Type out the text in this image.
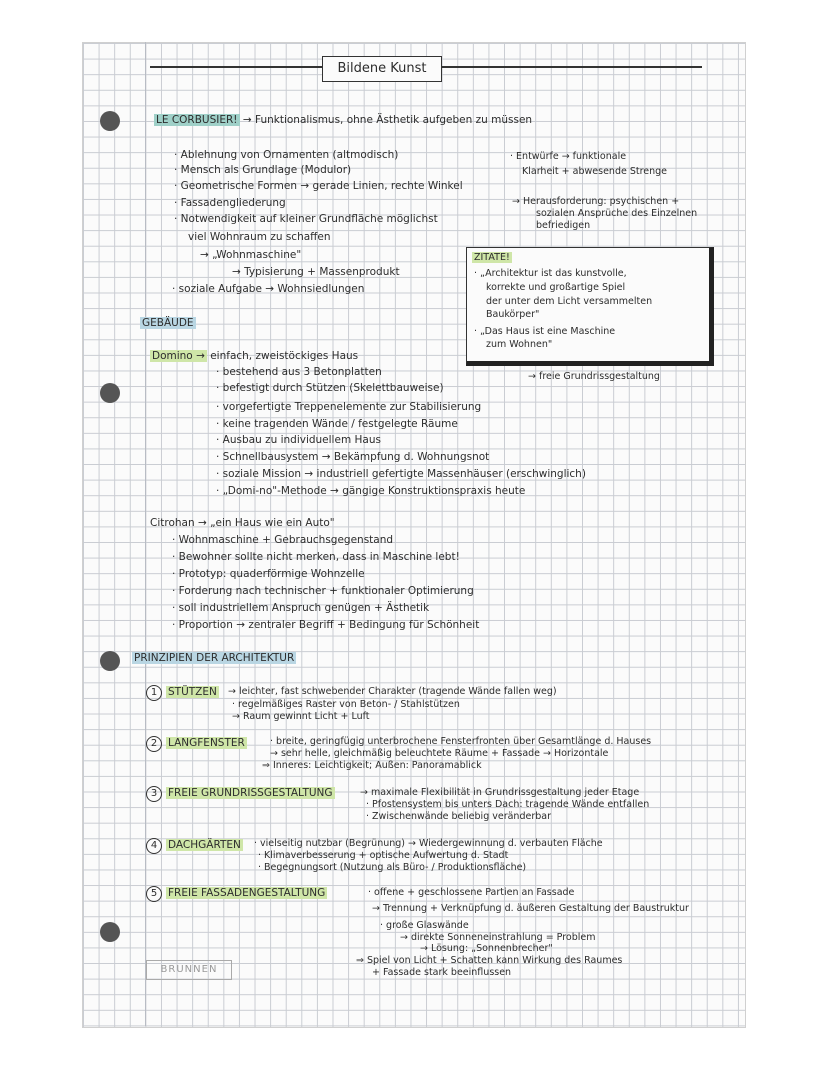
Bildene Kunst
LE CORBUSIER! → Funktionalismus, ohne Ästhetik aufgeben zu müssen
· Ablehnung von Ornamenten (altmodisch)
· Mensch als Grundlage (Modulor)
· Geometrische Formen → gerade Linien, rechte Winkel
· Fassadengliederung
· Notwendigkeit auf kleiner Grundfläche möglichst
viel Wohnraum zu schaffen
→ „Wohnmaschine"
→ Typisierung + Massenprodukt
· soziale Aufgabe → Wohnsiedlungen
· Entwürfe → funktionale
Klarheit + abwesende Strenge
→ Herausforderung: psychischen +
sozialen Ansprüche des Einzelnen
befriedigen
ZITATE!
· „Architektur ist das kunstvolle,
korrekte und großartige Spiel
der unter dem Licht versammelten
Baukörper"
· „Das Haus ist eine Maschine
zum Wohnen"
GEBÄUDE
Domino → einfach, zweistöckiges Haus
· bestehend aus 3 Betonplatten
· befestigt durch Stützen (Skelettbauweise)
· vorgefertigte Treppenelemente zur Stabilisierung
· keine tragenden Wände / festgelegte Räume
· Ausbau zu individuellem Haus
· Schnellbausystem → Bekämpfung d. Wohnungsnot
· soziale Mission → industriell gefertigte Massenhäuser (erschwinglich)
· „Domi-no"-Methode → gängige Konstruktionspraxis heute
→ freie Grundrissgestaltung
Citrohan → „ein Haus wie ein Auto"
· Wohnmaschine + Gebrauchsgegenstand
· Bewohner sollte nicht merken, dass in Maschine lebt!
· Prototyp: quaderförmige Wohnzelle
· Forderung nach technischer + funktionaler Optimierung
· soll industriellem Anspruch genügen + Ästhetik
· Proportion → zentraler Begriff + Bedingung für Schönheit
PRINZIPIEN DER ARCHITEKTUR
1 STÜTZEN → leichter, fast schwebender Charakter (tragende Wände fallen weg)
· regelmäßiges Raster von Beton- / Stahlstützen
→ Raum gewinnt Licht + Luft
2 LANGFENSTER	· breite, geringfügig unterbrochene Fensterfronten über Gesamtlänge d. Hauses
→ sehr helle, gleichmäßig beleuchtete Räume + Fassade → Horizontale
⇒ Inneres: Leichtigkeit; Außen: Panoramablick
3 FREIE GRUNDRISSGESTALTUNG	→ maximale Flexibilität in Grundrissgestaltung jeder Etage
· Pfostensystem bis unters Dach: tragende Wände entfallen
· Zwischenwände beliebig veränderbar
4 DACHGÄRTEN · vielseitig nutzbar (Begrünung) → Wiedergewinnung d. verbauten Fläche
· Klimaverbesserung + optische Aufwertung d. Stadt
· Begegnungsort (Nutzung als Büro- / Produktionsfläche)
5 FREIE FASSADENGESTALTUNG	· offene + geschlossene Partien an Fassade
→ Trennung + Verknüpfung d. äußeren Gestaltung der Baustruktur
· große Glaswände
→ direkte Sonneneinstrahlung = Problem
→ Lösung: „Sonnenbrecher"
⇒ Spiel von Licht + Schatten kann Wirkung des Raumes
+ Fassade stark beeinflussen
BRUNNEN
